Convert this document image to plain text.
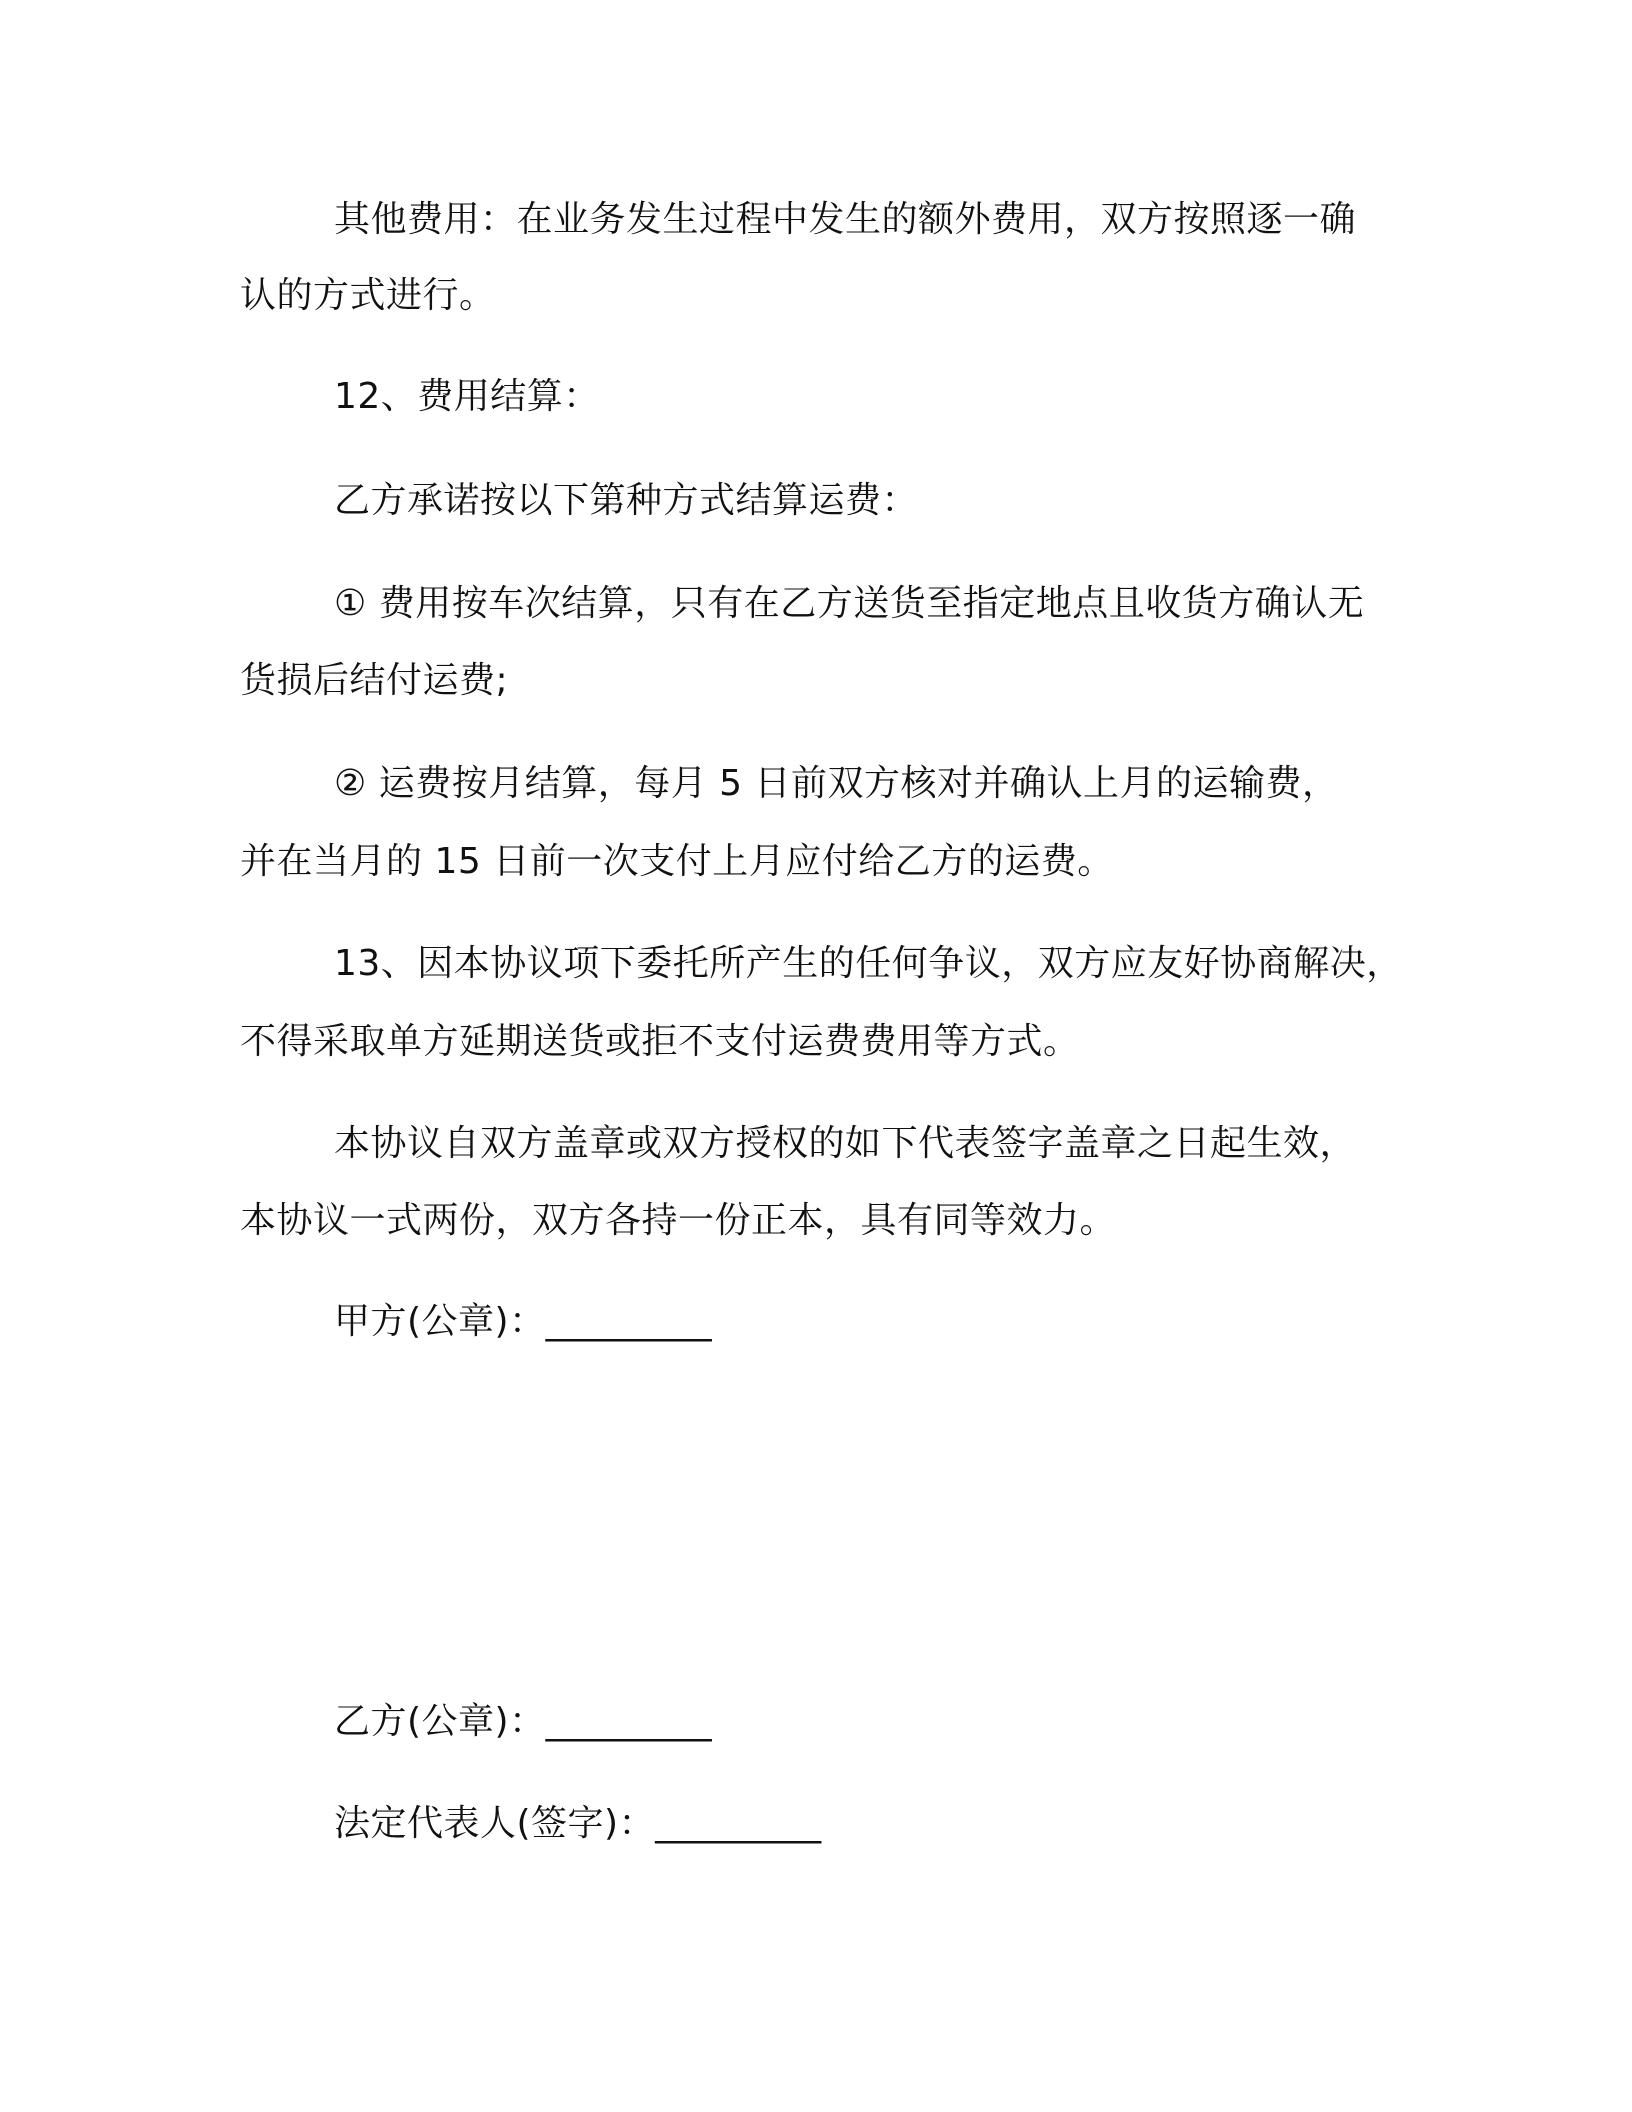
其他费用：在业务发生过程中发生的额外费用，双方按照逐一确
认的方式进行。
12、费用结算：
乙方承诺按以下第种方式结算运费：
① 费用按车次结算，只有在乙方送货至指定地点且收货方确认无
货损后结付运费;
② 运费按月结算，每月 5 日前双方核对并确认上月的运输费，
并在当月的 15 日前一次支付上月应付给乙方的运费。
13、因本协议项下委托所产生的任何争议，双方应友好协商解决，
不得采取单方延期送货或拒不支付运费费用等方式。
本协议自双方盖章或双方授权的如下代表签字盖章之日起生效，
本协议一式两份，双方各持一份正本，具有同等效力。
甲方(公章)：_________
乙方(公章)：_________
法定代表人(签字)：_________
